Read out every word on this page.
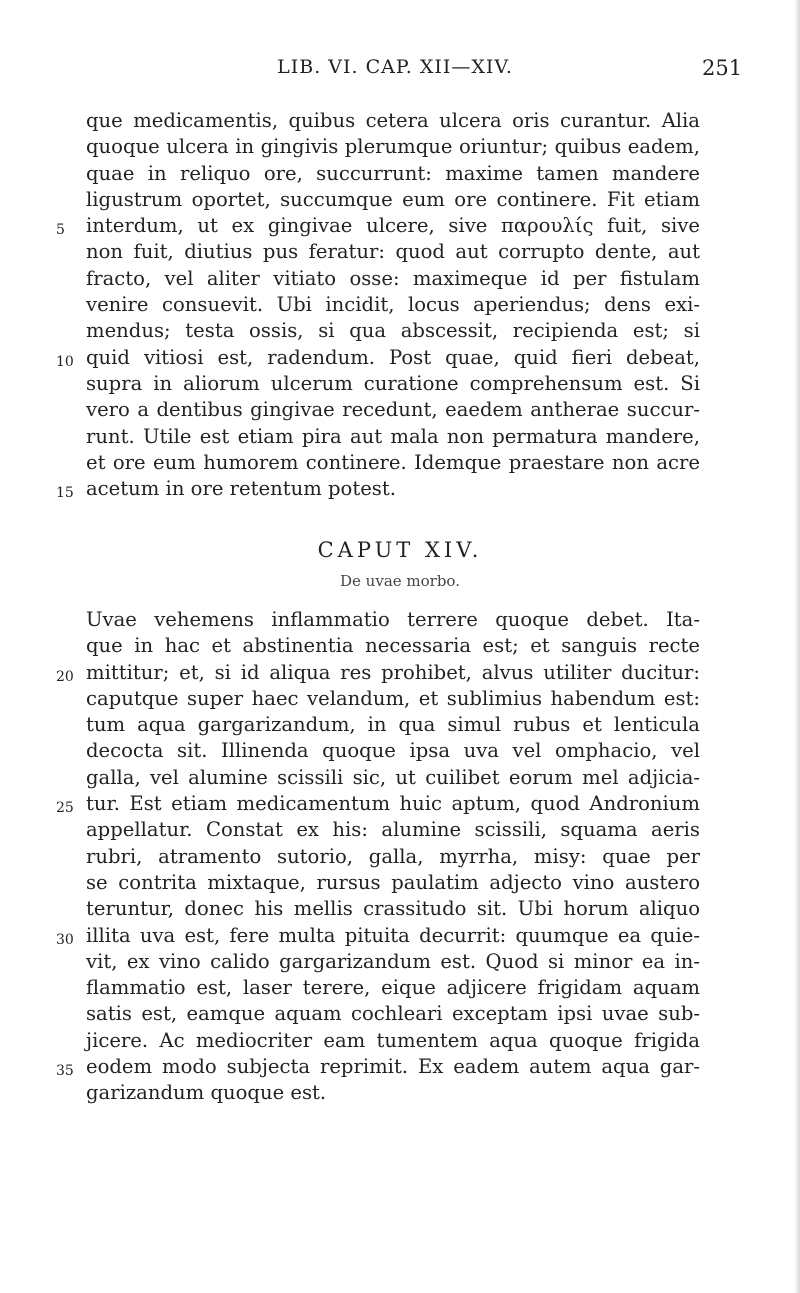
LIB. VI. CAP. XII—XIV.	251
que medicamentis, quibus cetera ulcera oris curantur. Alia
quoque ulcera in gingivis plerumque oriuntur; quibus eadem,
quae in reliquo ore, succurrunt: maxime tamen mandere
ligustrum oportet, succumque eum ore continere. Fit etiam
interdum, ut ex gingivae ulcere, sive παρουλίς fuit, sive
5
non fuit, diutius pus feratur: quod aut corrupto dente, aut
fracto, vel aliter vitiato osse: maximeque id per fistulam
venire consuevit. Ubi incidit, locus aperiendus; dens exi-
mendus; testa ossis, si qua abscessit, recipienda est; si
quid vitiosi est, radendum. Post quae, quid fieri debeat,
10
supra in aliorum ulcerum curatione comprehensum est. Si
vero a dentibus gingivae recedunt, eaedem antherae succur-
runt. Utile est etiam pira aut mala non permatura mandere,
et ore eum humorem continere. Idemque praestare non acre
acetum in ore retentum potest.
15
CAPUT XIV.
De uvae morbo.
Uvae vehemens inflammatio terrere quoque debet. Ita-
que in hac et abstinentia necessaria est; et sanguis recte
mittitur; et, si id aliqua res prohibet, alvus utiliter ducitur:
20
caputque super haec velandum, et sublimius habendum est:
tum aqua gargarizandum, in qua simul rubus et lenticula
decocta sit. Illinenda quoque ipsa uva vel omphacio, vel
galla, vel alumine scissili sic, ut cuilibet eorum mel adjicia-
tur. Est etiam medicamentum huic aptum, quod Andronium
25
appellatur. Constat ex his: alumine scissili, squama aeris
rubri, atramento sutorio, galla, myrrha, misy: quae per
se contrita mixtaque, rursus paulatim adjecto vino austero
teruntur, donec his mellis crassitudo sit. Ubi horum aliquo
illita uva est, fere multa pituita decurrit: quumque ea quie-
30
vit, ex vino calido gargarizandum est. Quod si minor ea in-
flammatio est, laser terere, eique adjicere frigidam aquam
satis est, eamque aquam cochleari exceptam ipsi uvae sub-
jicere. Ac mediocriter eam tumentem aqua quoque frigida
eodem modo subjecta reprimit. Ex eadem autem aqua gar-
35
garizandum quoque est.
